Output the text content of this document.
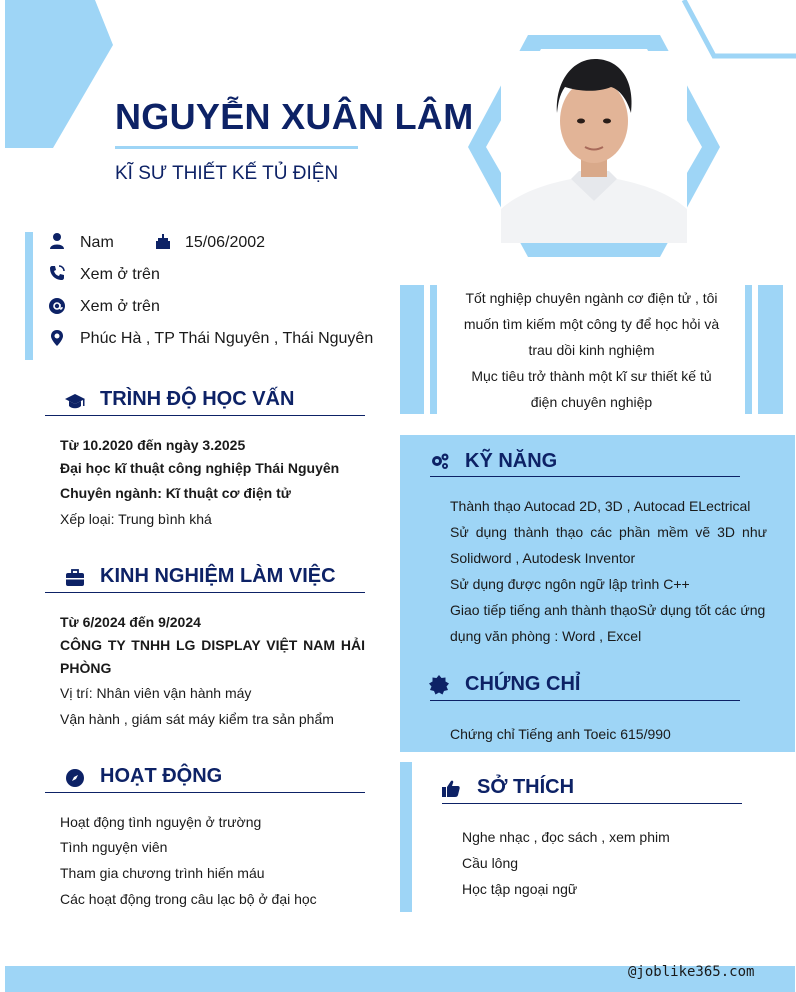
NGUYỄN XUÂN LÂM
KĨ SƯ THIẾT KẾ TỦ ĐIỆN
Nam	15/06/2002
Xem ở trên
Xem ở trên
Phúc Hà , TP Thái Nguyên , Thái Nguyên
Tốt nghiệp chuyên ngành cơ điện tử , tôi
muốn tìm kiếm một công ty để học hỏi và
trau dồi kinh nghiệm
Mục tiêu trở thành một kĩ sư thiết kế tủ
điện chuyên nghiệp
TRÌNH ĐỘ HỌC VẤN
Từ 10.2020 đến ngày 3.2025
Đại học kĩ thuật công nghiệp Thái Nguyên
Chuyên ngành: Kĩ thuật cơ điện tử
Xếp loại: Trung bình khá
KINH NGHIỆM LÀM VIỆC
Từ 6/2024 đến 9/2024
CÔNG TY TNHH LG DISPLAY VIỆT NAM HẢI
PHÒNG
Vị trí: Nhân viên vận hành máy
Vận hành , giám sát máy kiểm tra sản phẩm
HOẠT ĐỘNG
Hoạt động tình nguyện ở trường
Tình nguyện viên
Tham gia chương trình hiến máu
Các hoạt động trong câu lạc bộ ở đại học
KỸ NĂNG
Thành thạo Autocad 2D, 3D , Autocad ELectrical
Sử dụng thành thạo các phần mềm vẽ 3D như
Solidword , Autodesk Inventor
Sử dụng được ngôn ngữ lập trình C++
Giao tiếp tiếng anh thành thạoSử dụng tốt các ứng
dụng văn phòng : Word , Excel
CHỨNG CHỈ
Chứng chỉ Tiếng anh Toeic 615/990
SỞ THÍCH
Nghe nhạc , đọc sách , xem phim
Cầu lông
Học tập ngoại ngữ
@joblike365.com
